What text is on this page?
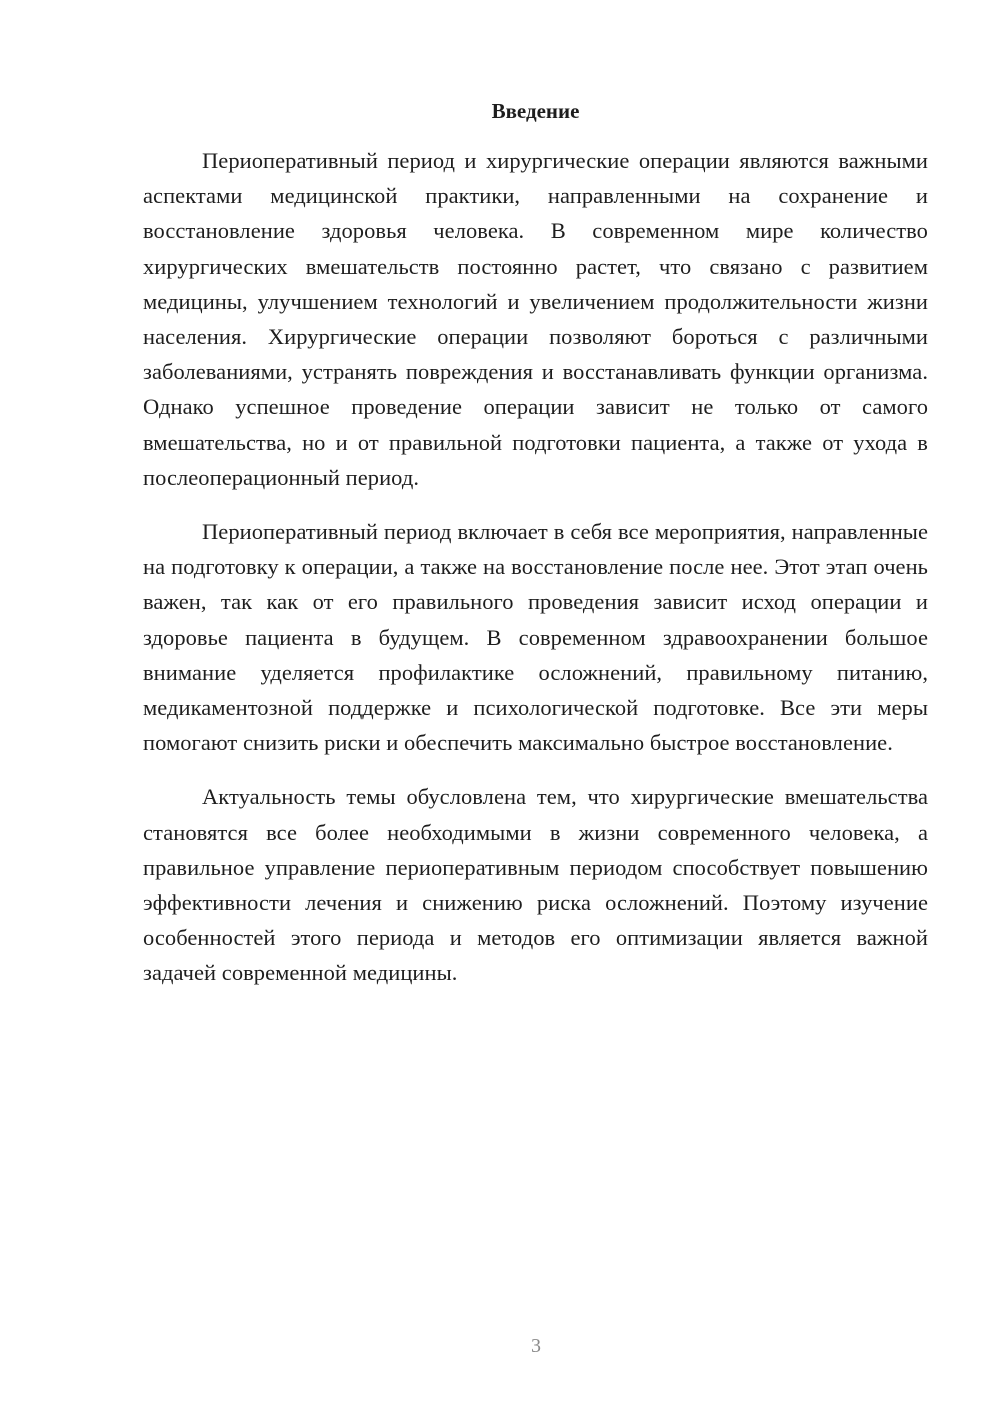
Введение

Периоперативный период и хирургические операции являются важными аспектами медицинской практики, направленными на сохранение и восстановление здоровья человека. В современном мире количество хирургических вмешательств постоянно растет, что связано с развитием медицины, улучшением технологий и увеличением продолжительности жизни населения. Хирургические операции позволяют бороться с различными заболеваниями, устранять повреждения и восстанавливать функции организма. Однако успешное проведение операции зависит не только от самого вмешательства, но и от правильной подготовки пациента, а также от ухода в послеоперационный период.

Периоперативный период включает в себя все мероприятия, направленные на подготовку к операции, а также на восстановление после нее. Этот этап очень важен, так как от его правильного проведения зависит исход операции и здоровье пациента в будущем. В современном здравоохранении большое внимание уделяется профилактике осложнений, правильному питанию, медикаментозной поддержке и психологической подготовке. Все эти меры помогают снизить риски и обеспечить максимально быстрое восстановление.

Актуальность темы обусловлена тем, что хирургические вмешательства становятся все более необходимыми в жизни современного человека, а правильное управление периоперативным периодом способствует повышению эффективности лечения и снижению риска осложнений. Поэтому изучение особенностей этого периода и методов его оптимизации является важной задачей современной медицины.

3
